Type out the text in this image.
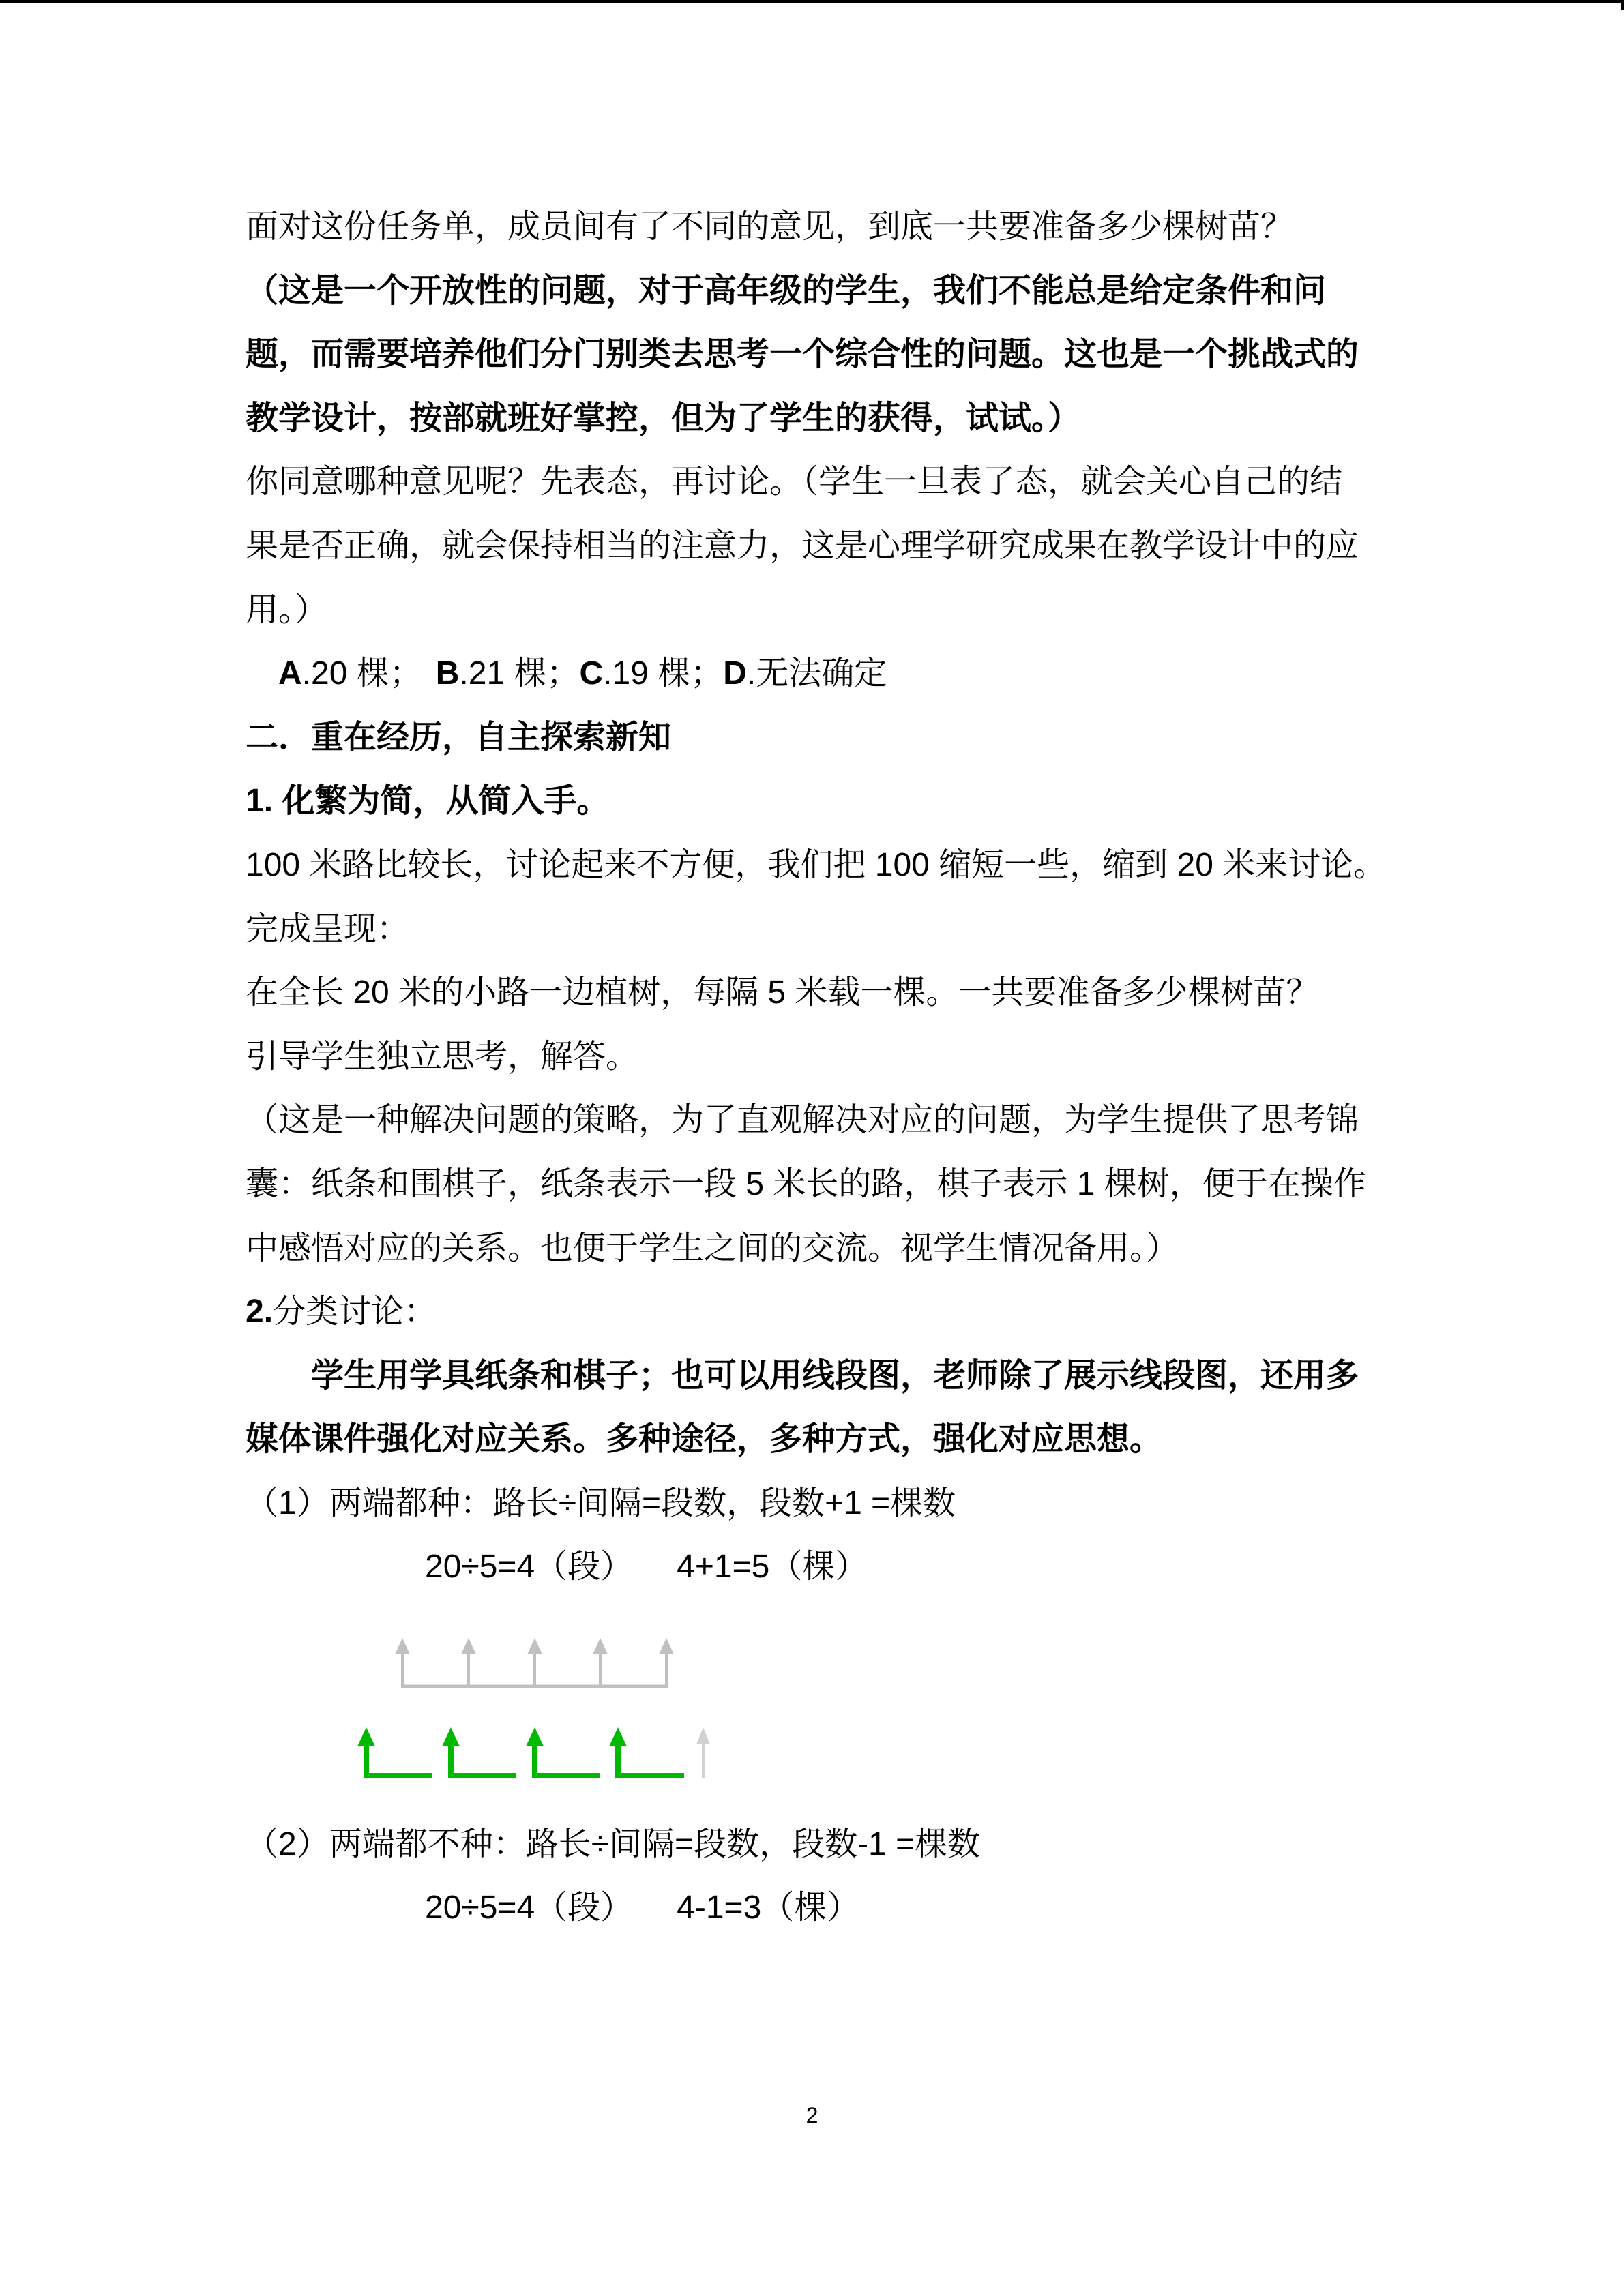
面对这份任务单，成员间有了不同的意见，到底一共要准备多少棵树苗？
（这是一个开放性的问题，对于高年级的学生，我们不能总是给定条件和问
题，而需要培养他们分门别类去思考一个综合性的问题。这也是一个挑战式的
教学设计，按部就班好掌控，但为了学生的获得，试试。）
你同意哪种意见呢？先表态，再讨论。（学生一旦表了态，就会关心自己的结
果是否正确，就会保持相当的注意力，这是心理学研究成果在教学设计中的应
用。）
A.20 棵； B.21 棵；C.19 棵；D.无法确定
二．重在经历，自主探索新知
1. 化繁为简，从简入手。
100 米路比较长，讨论起来不方便，我们把 100 缩短一些，缩到 20 米来讨论。
完成呈现：
在全长 20 米的小路一边植树，每隔 5 米载一棵。一共要准备多少棵树苗？
引导学生独立思考，解答。
（这是一种解决问题的策略，为了直观解决对应的问题，为学生提供了思考锦
囊：纸条和围棋子，纸条表示一段 5 米长的路，棋子表示 1 棵树，便于在操作
中感悟对应的关系。也便于学生之间的交流。视学生情况备用。）
2.分类讨论：
学生用学具纸条和棋子；也可以用线段图，老师除了展示线段图，还用多
媒体课件强化对应关系。多种途径，多种方式，强化对应思想。
（1）两端都种：路长÷间隔=段数，段数+1 =棵数
20÷5=4（段） 4+1=5（棵）
（2）两端都不种：路长÷间隔=段数，段数-1 =棵数
20÷5=4（段） 4-1=3（棵）
2
